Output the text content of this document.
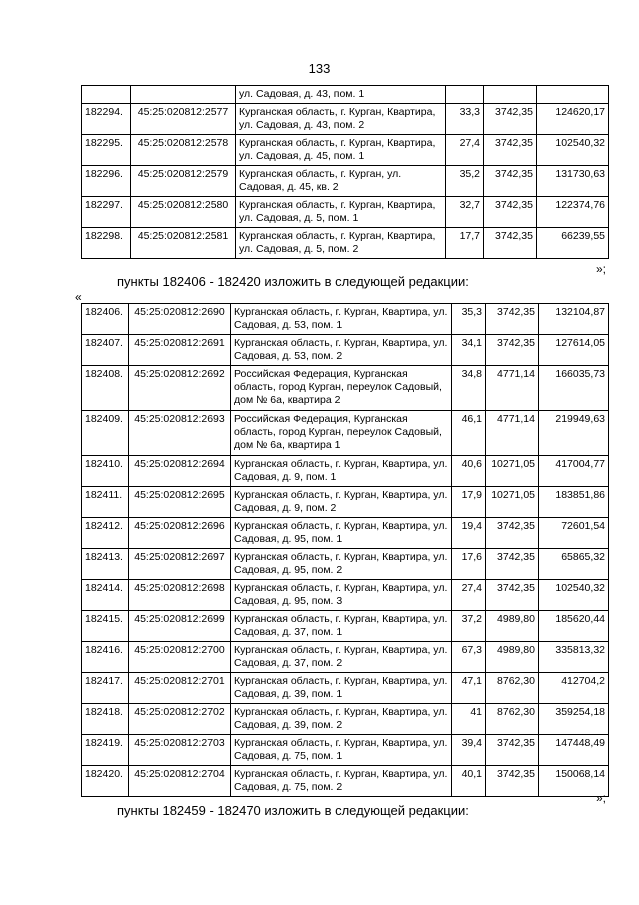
133
		ул. Садовая, д. 43, пом. 1			
182294.	45:25:020812:2577	Курганская область, г. Курган, Квартира, ул. Садовая, д. 43, пом. 2	33,3	3742,35	124620,17
182295.	45:25:020812:2578	Курганская область, г. Курган, Квартира, ул. Садовая, д. 45, пом. 1	27,4	3742,35	102540,32
182296.	45:25:020812:2579	Курганская область, г. Курган, ул. Садовая, д. 45, кв. 2	35,2	3742,35	131730,63
182297.	45:25:020812:2580	Курганская область, г. Курган, Квартира, ул. Садовая, д. 5, пом. 1	32,7	3742,35	122374,76
182298.	45:25:020812:2581	Курганская область, г. Курган, Квартира, ул. Садовая, д. 5, пом. 2	17,7	3742,35	66239,55
»;
пункты 182406 - 182420 изложить в следующей редакции:
«
182406.	45:25:020812:2690	Курганская область, г. Курган, Квартира, ул. Садовая, д. 53, пом. 1	35,3	3742,35	132104,87
182407.	45:25:020812:2691	Курганская область, г. Курган, Квартира, ул. Садовая, д. 53, пом. 2	34,1	3742,35	127614,05
182408.	45:25:020812:2692	Российская Федерация, Курганская область, город Курган, переулок Садовый, дом № 6а, квартира 2	34,8	4771,14	166035,73
182409.	45:25:020812:2693	Российская Федерация, Курганская область, город Курган, переулок Садовый, дом № 6а, квартира 1	46,1	4771,14	219949,63
182410.	45:25:020812:2694	Курганская область, г. Курган, Квартира, ул. Садовая, д. 9, пом. 1	40,6	10271,05	417004,77
182411.	45:25:020812:2695	Курганская область, г. Курган, Квартира, ул. Садовая, д. 9, пом. 2	17,9	10271,05	183851,86
182412.	45:25:020812:2696	Курганская область, г. Курган, Квартира, ул. Садовая, д. 95, пом. 1	19,4	3742,35	72601,54
182413.	45:25:020812:2697	Курганская область, г. Курган, Квартира, ул. Садовая, д. 95, пом. 2	17,6	3742,35	65865,32
182414.	45:25:020812:2698	Курганская область, г. Курган, Квартира, ул. Садовая, д. 95, пом. 3	27,4	3742,35	102540,32
182415.	45:25:020812:2699	Курганская область, г. Курган, Квартира, ул. Садовая, д. 37, пом. 1	37,2	4989,80	185620,44
182416.	45:25:020812:2700	Курганская область, г. Курган, Квартира, ул. Садовая, д. 37, пом. 2	67,3	4989,80	335813,32
182417.	45:25:020812:2701	Курганская область, г. Курган, Квартира, ул. Садовая, д. 39, пом. 1	47,1	8762,30	412704,2
182418.	45:25:020812:2702	Курганская область, г. Курган, Квартира, ул. Садовая, д. 39, пом. 2	41	8762,30	359254,18
182419.	45:25:020812:2703	Курганская область, г. Курган, Квартира, ул. Садовая, д. 75, пом. 1	39,4	3742,35	147448,49
182420.	45:25:020812:2704	Курганская область, г. Курган, Квартира, ул. Садовая, д. 75, пом. 2	40,1	3742,35	150068,14
»;
пункты 182459 - 182470 изложить в следующей редакции:
